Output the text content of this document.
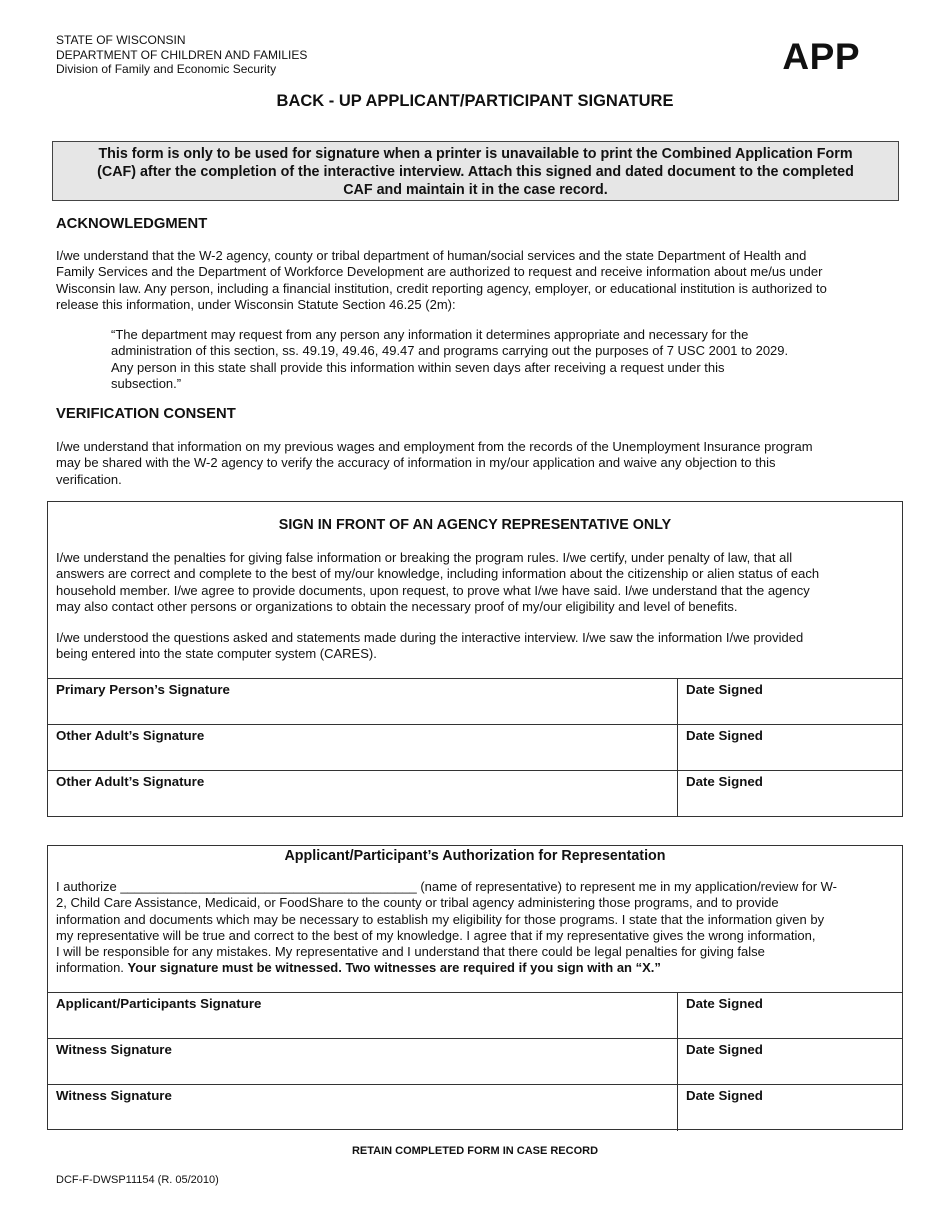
STATE OF WISCONSIN
DEPARTMENT OF CHILDREN AND FAMILIES
Division of Family and Economic Security	APP
BACK - UP APPLICANT/PARTICIPANT SIGNATURE
This form is only to be used for signature when a printer is unavailable to print the Combined Application Form
(CAF) after the completion of the interactive interview. Attach this signed and dated document to the completed
CAF and maintain it in the case record.
ACKNOWLEDGMENT
I/we understand that the W-2 agency, county or tribal department of human/social services and the state Department of Health and
Family Services and the Department of Workforce Development are authorized to request and receive information about me/us under
Wisconsin law. Any person, including a financial institution, credit reporting agency, employer, or educational institution is authorized to
release this information, under Wisconsin Statute Section 46.25 (2m):
“The department may request from any person any information it determines appropriate and necessary for the
administration of this section, ss. 49.19, 49.46, 49.47 and programs carrying out the purposes of 7 USC 2001 to 2029.
Any person in this state shall provide this information within seven days after receiving a request under this
subsection.”
VERIFICATION CONSENT
I/we understand that information on my previous wages and employment from the records of the Unemployment Insurance program
may be shared with the W-2 agency to verify the accuracy of information in my/our application and waive any objection to this
verification.
SIGN IN FRONT OF AN AGENCY REPRESENTATIVE ONLY
I/we understand the penalties for giving false information or breaking the program rules. I/we certify, under penalty of law, that all
answers are correct and complete to the best of my/our knowledge, including information about the citizenship or alien status of each
household member. I/we agree to provide documents, upon request, to prove what I/we have said. I/we understand that the agency
may also contact other persons or organizations to obtain the necessary proof of my/our eligibility and level of benefits.
I/we understood the questions asked and statements made during the interactive interview. I/we saw the information I/we provided
being entered into the state computer system (CARES).
Primary Person’s Signature	Date Signed
Other Adult’s Signature	Date Signed
Other Adult’s Signature	Date Signed
Applicant/Participant’s Authorization for Representation
I authorize _________________________________________ (name of representative) to represent me in my application/review for W-
2, Child Care Assistance, Medicaid, or FoodShare to the county or tribal agency administering those programs, and to provide
information and documents which may be necessary to establish my eligibility for those programs. I state that the information given by
my representative will be true and correct to the best of my knowledge. I agree that if my representative gives the wrong information,
I will be responsible for any mistakes. My representative and I understand that there could be legal penalties for giving false
information. Your signature must be witnessed. Two witnesses are required if you sign with an “X.”
Applicant/Participants Signature	Date Signed
Witness Signature	Date Signed
Witness Signature	Date Signed
RETAIN COMPLETED FORM IN CASE RECORD
DCF-F-DWSP11154 (R. 05/2010)
